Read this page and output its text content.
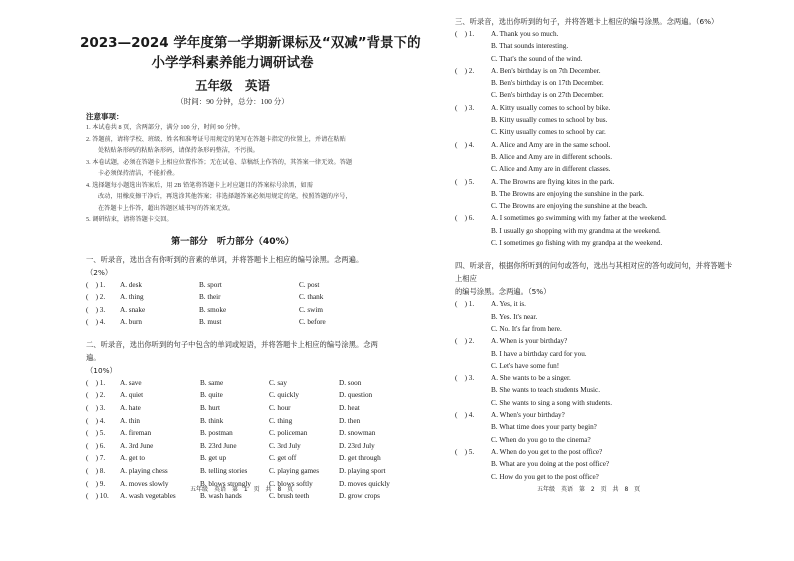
2023—2024 学年度第一学期新课标及“双减”背景下的
小学学科素养能力调研试卷
五年级　英语
（时间：90 分钟，总分：100 分）
注意事项：
1. 本试卷共 8 页，含两部分，满分 100 分，时间 90 分钟。
2. 答题前，请将学校、班级、姓名和准考证号用规定的笔写在答题卡指定的位置上，并请在粘贴
处粘贴条形码的粘贴条形码，请保持条形码整洁，不污损。
3. 本卷试题，必须在答题卡上相应位置作答；无在试卷、草稿纸上作答的，其答案一律无效。答题
卡必须保持清洁，不能折叠。
4. 选择题每小题选出答案后，用 2B 铅笔将答题卡上对应题目的答案标号涂黑，如需
改动，用橡皮擦干净后，再选涂其他答案；非选择题答案必须用规定的笔，按照答题的序号，
在答题卡上作答，超出答题区域书写的答案无效。
5. 调研结束，请将答题卡交回。
第一部分　听力部分（40%）
一、听录音，选出含有你听到的音素的单词，并将答题卡上相应的编号涂黑。念两遍。（2%）
(　) 1.	A. desk	B. sport	C. post
(　) 2.	A. thing	B. their	C. thank
(　) 3.	A. snake	B. smoke	C. swim
(　) 4.	A. burn	B. must	C. before
二、听录音，选出你听到的句子中包含的单词或短语，并将答题卡上相应的编号涂黑。念两遍。
（10%）
(　) 1.	A. save	B. same	C. say	D. soon
(　) 2.	A. quiet	B. quite	C. quickly	D. question
(　) 3.	A. hate	B. hurt	C. hour	D. heat
(　) 4.	A. thin	B. think	C. thing	D. then
(　) 5.	A. fireman	B. postman	C. policeman	D. snowman
(　) 6.	A. 3rd June	B. 23rd June	C. 3rd July	D. 23rd July
(　) 7.	A. get to	B. get up	C. get off	D. get through
(　) 8.	A. playing chess	B. telling stories	C. playing games	D. playing sport
(　) 9.	A. moves slowly	B. blows strongly	C. blows softly	D. moves quickly
(　) 10.	A. wash vegetables	B. wash hands	C. brush teeth	D. grow crops
五年级　英语　第 1 页 共 8 页
三、听录音，选出你听到的句子，并将答题卡上相应的编号涂黑。念两遍。（6%）
(　) 1. A. Thank you so much.
B. That sounds interesting.
C. That's the sound of the wind.
(　) 2. A. Ben's birthday is on 7th December.
B. Ben's birthday is on 17th December.
C. Ben's birthday is on 27th December.
(　) 3. A. Kitty usually comes to school by bike.
B. Kitty usually comes to school by bus.
C. Kitty usually comes to school by car.
(　) 4. A. Alice and Amy are in the same school.
B. Alice and Amy are in different schools.
C. Alice and Amy are in different classes.
(　) 5. A. The Browns are flying kites in the park.
B. The Browns are enjoying the sunshine in the park.
C. The Browns are enjoying the sunshine at the beach.
(　) 6. A. I sometimes go swimming with my father at the weekend.
B. I usually go shopping with my grandma at the weekend.
C. I sometimes go fishing with my grandpa at the weekend.
四、听录音，根据你所听到的问句或答句，选出与其相对应的答句或问句，并将答题卡上相应
的编号涂黑。念两遍。（5%）
(　) 1. A. Yes, it is.
B. Yes. It's near.
C. No. It's far from here.
(　) 2. A. When is your birthday?
B. I have a birthday card for you.
C. Let's have some fun!
(　) 3. A. She wants to be a singer.
B. She wants to teach students Music.
C. She wants to sing a song with students.
(　) 4. A. When's your birthday?
B. What time does your party begin?
C. When do you go to the cinema?
(　) 5. A. When do you get to the post office?
B. What are you doing at the post office?
C. How do you get to the post office?
五年级　英语　第 2 页 共 8 页
